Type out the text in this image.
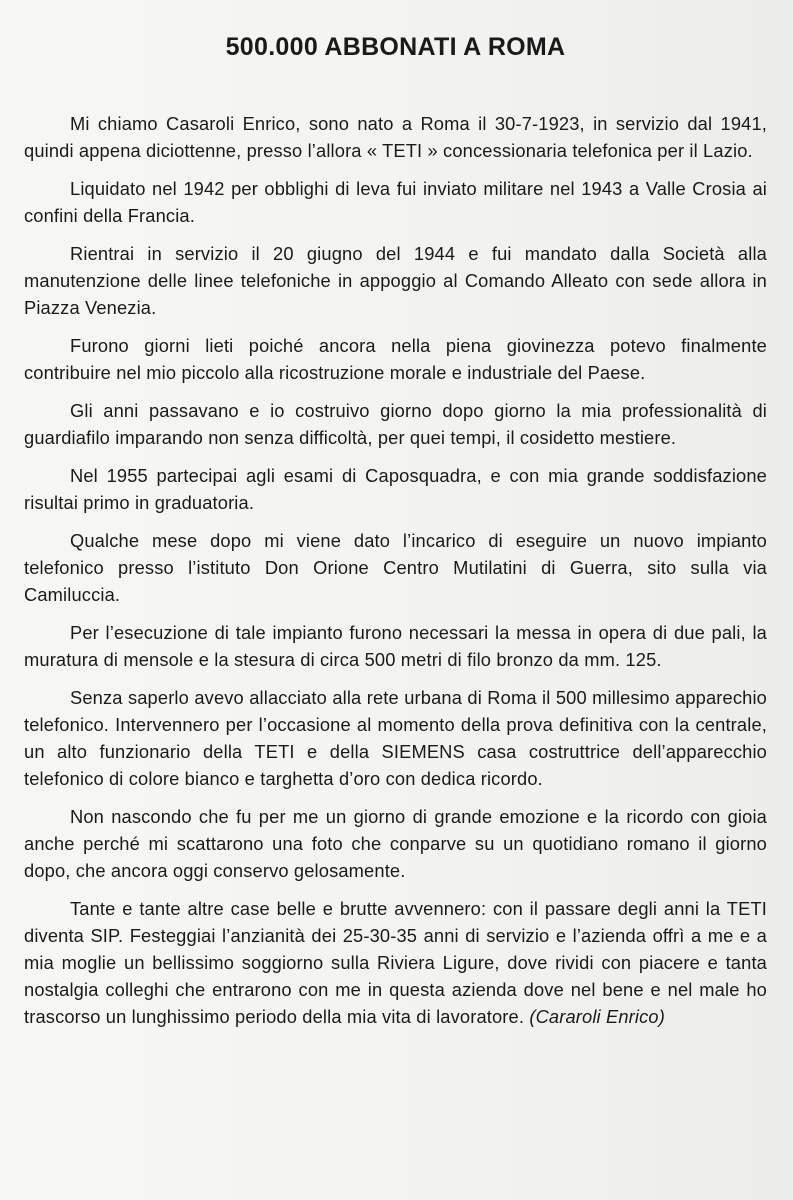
500.000 ABBONATI A ROMA

Mi chiamo Casaroli Enrico, sono nato a Roma il 30-7-1923, in servizio dal 1941, quindi appena diciottenne, presso l’allora « TETI » concessionaria telefonica per il Lazio.

Liquidato nel 1942 per obblighi di leva fui inviato militare nel 1943 a Valle Crosia ai confini della Francia.

Rientrai in servizio il 20 giugno del 1944 e fui mandato dalla Società alla manutenzione delle linee telefoniche in appoggio al Comando Alleato con sede allora in Piazza Venezia.

Furono giorni lieti poiché ancora nella piena giovinezza potevo finalmente contribuire nel mio piccolo alla ricostruzione morale e industriale del Paese.

Gli anni passavano e io costruivo giorno dopo giorno la mia professionalità di guardiafilo imparando non senza difficoltà, per quei tempi, il cosidetto mestiere.

Nel 1955 partecipai agli esami di Caposquadra, e con mia grande soddisfazione risultai primo in graduatoria.

Qualche mese dopo mi viene dato l’incarico di eseguire un nuovo impianto telefonico presso l’istituto Don Orione Centro Mutilatini di Guerra, sito sulla via Camiluccia.

Per l’esecuzione di tale impianto furono necessari la messa in opera di due pali, la muratura di mensole e la stesura di circa 500 metri di filo bronzo da mm. 125.

Senza saperlo avevo allacciato alla rete urbana di Roma il 500 millesimo apparechio telefonico. Intervennero per l’occasione al momento della prova definitiva con la centrale, un alto funzionario della TETI e della SIEMENS casa costruttrice dell’apparecchio telefonico di colore bianco e targhetta d’oro con dedica ricordo.

Non nascondo che fu per me un giorno di grande emozione e la ricordo con gioia anche perché mi scattarono una foto che conparve su un quotidiano romano il giorno dopo, che ancora oggi conservo gelosamente.

Tante e tante altre case belle e brutte avvennero: con il passare degli anni la TETI diventa SIP. Festeggiai l’anzianità dei 25-30-35 anni di servizio e l’azienda offrì a me e a mia moglie un bellissimo soggiorno sulla Riviera Ligure, dove rividi con piacere e tanta nostalgia colleghi che entrarono con me in questa azienda dove nel bene e nel male ho trascorso un lunghissimo periodo della mia vita di lavoratore. (Cararoli Enrico)
